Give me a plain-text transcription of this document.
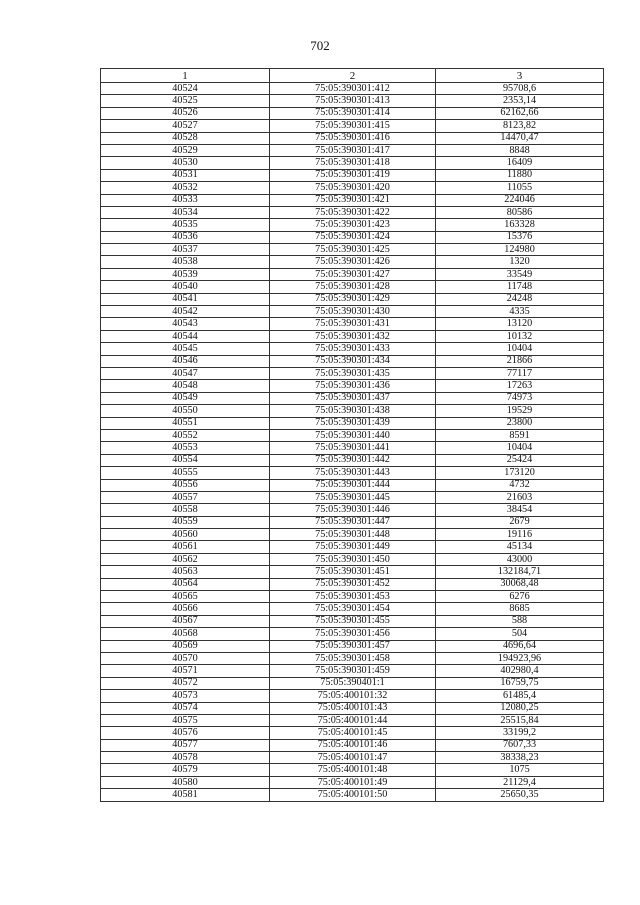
702
1	2	3
40524	75:05:390301:412	95708,6
40525	75:05:390301:413	2353,14
40526	75:05:390301:414	62162,66
40527	75:05:390301:415	8123,82
40528	75:05:390301:416	14470,47
40529	75:05:390301:417	8848
40530	75:05:390301:418	16409
40531	75:05:390301:419	11880
40532	75:05:390301:420	11055
40533	75:05:390301:421	224046
40534	75:05:390301:422	80586
40535	75:05:390301:423	163328
40536	75:05:390301:424	15376
40537	75:05:390301:425	124980
40538	75:05:390301:426	1320
40539	75:05:390301:427	33549
40540	75:05:390301:428	11748
40541	75:05:390301:429	24248
40542	75:05:390301:430	4335
40543	75:05:390301:431	13120
40544	75:05:390301:432	10132
40545	75:05:390301:433	10404
40546	75:05:390301:434	21866
40547	75:05:390301:435	77117
40548	75:05:390301:436	17263
40549	75:05:390301:437	74973
40550	75:05:390301:438	19529
40551	75:05:390301:439	23800
40552	75:05:390301:440	8591
40553	75:05:390301:441	10404
40554	75:05:390301:442	25424
40555	75:05:390301:443	173120
40556	75:05:390301:444	4732
40557	75:05:390301:445	21603
40558	75:05:390301:446	38454
40559	75:05:390301:447	2679
40560	75:05:390301:448	19116
40561	75:05:390301:449	45134
40562	75:05:390301:450	43000
40563	75:05:390301:451	132184,71
40564	75:05:390301:452	30068,48
40565	75:05:390301:453	6276
40566	75:05:390301:454	8685
40567	75:05:390301:455	588
40568	75:05:390301:456	504
40569	75:05:390301:457	4696,64
40570	75:05:390301:458	194923,96
40571	75:05:390301:459	402980,4
40572	75:05:390401:1	16759,75
40573	75:05:400101:32	61485,4
40574	75:05:400101:43	12080,25
40575	75:05:400101:44	25515,84
40576	75:05:400101:45	33199,2
40577	75:05:400101:46	7607,33
40578	75:05:400101:47	38338,23
40579	75:05:400101:48	1075
40580	75:05:400101:49	21129,4
40581	75:05:400101:50	25650,35
